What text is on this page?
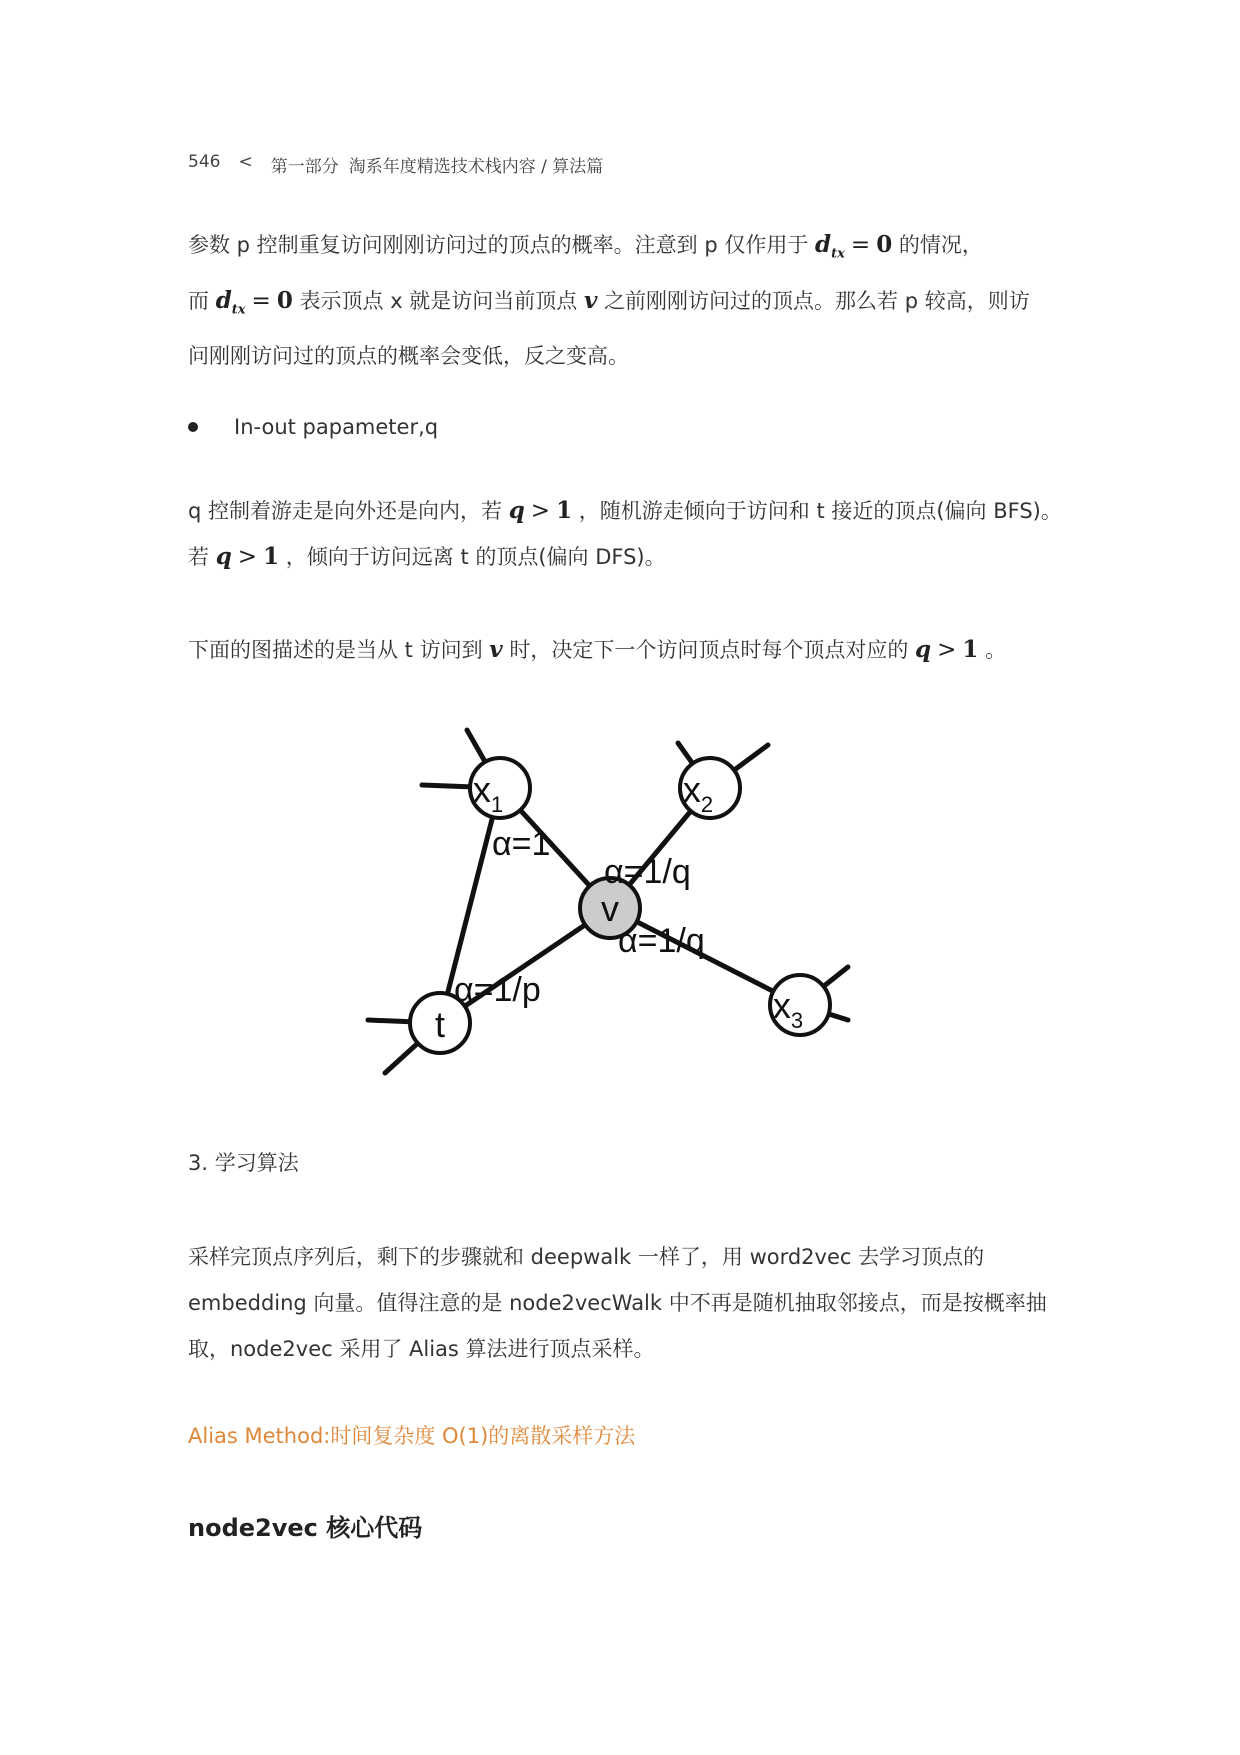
546 < 第一部分 淘系年度精选技术栈内容 / 算法篇
参数 p 控制重复访问刚刚访问过的顶点的概率。注意到 p 仅作用于 $d_{tx} = 0$ 的情况，
而 $d_{tx} = 0$ 表示顶点 x 就是访问当前顶点 v 之前刚刚访问过的顶点。那么若 p 较高，则访
问刚刚访问过的顶点的概率会变低，反之变高。
In-out papameter,q
q 控制着游走是向外还是向内，若 q > 1 ，随机游走倾向于访问和 t 接近的顶点(偏向 BFS)。
若 q > 1 ，倾向于访问远离 t 的顶点(偏向 DFS)。
下面的图描述的是当从 t 访问到 v 时，决定下一个访问顶点时每个顶点对应的 q > 1 。
$x_1$	$x_2$
v
$x_3$
t
α=1
α=1/q
α=1/q
α=1/p
3. 学习算法
采样完顶点序列后，剩下的步骤就和 deepwalk 一样了，用 word2vec 去学习顶点的
embedding 向量。值得注意的是 node2vecWalk 中不再是随机抽取邻接点，而是按概率抽
取，node2vec 采用了 Alias 算法进行顶点采样。
Alias Method:时间复杂度 O(1)的离散采样方法
node2vec 核心代码
